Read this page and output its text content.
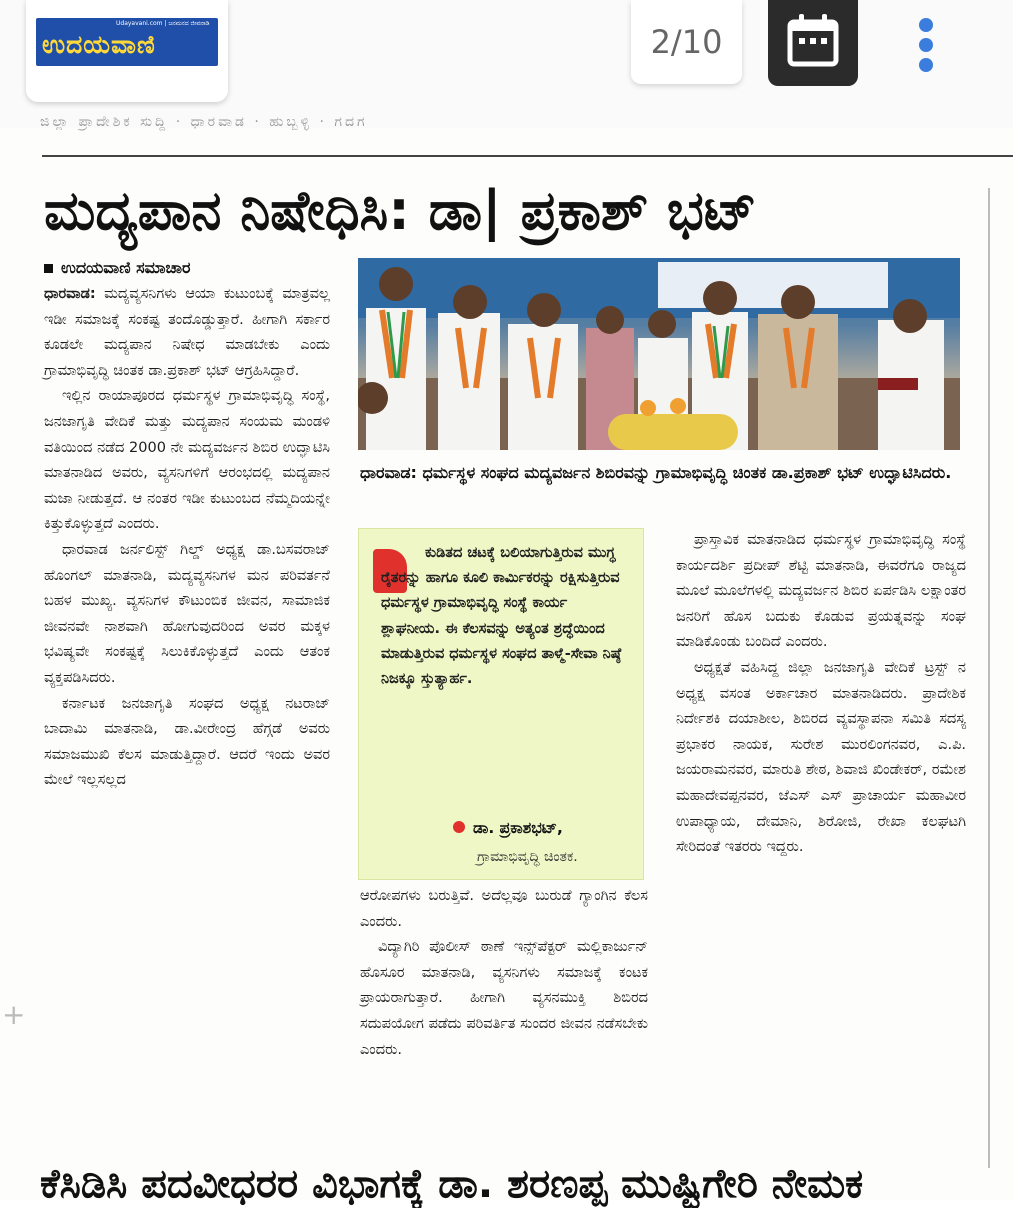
Udayavani.com | ಜನಮನದ ಜೀವನಾಡಿ
ಉದಯವಾಣಿ	2/10
ಜಿಲ್ಲಾ ಪ್ರಾದೇಶಿಕ ಸುದ್ದಿ · ಧಾರವಾಡ · ಹುಬ್ಬಳ್ಳಿ · ಗದಗ
ಮದ್ಯಪಾನ ನಿಷೇಧಿಸಿ: ಡಾ| ಪ್ರಕಾಶ್‌ ಭಟ್‌
ಉದಯವಾಣಿ ಸಮಾಚಾರ

ಧಾರವಾಡ: ಮದ್ಯವ್ಯಸನಿಗಳು ಆಯಾ ಕುಟುಂಬಕ್ಕೆ ಮಾತ್ರವಲ್ಲ ಇಡೀ ಸಮಾಜಕ್ಕೆ ಸಂಕಷ್ಟ ತಂದೊಡ್ಡುತ್ತಾರೆ. ಹೀಗಾಗಿ ಸರ್ಕಾರ ಕೂಡಲೇ ಮದ್ಯಪಾನ ನಿಷೇಧ ಮಾಡಬೇಕು ಎಂದು ಗ್ರಾಮಾಭಿವೃದ್ಧಿ ಚಿಂತಕ ಡಾ.ಪ್ರಕಾಶ್‌ ಭಟ್‌ ಆಗ್ರಹಿಸಿದ್ದಾರೆ.

ಇಲ್ಲಿನ ರಾಯಾಪೂರದ ಧರ್ಮಸ್ಥಳ ಗ್ರಾಮಾಭಿವೃದ್ಧಿ ಸಂಸ್ಥೆ, ಜನಜಾಗೃತಿ ವೇದಿಕೆ ಮತ್ತು ಮದ್ಯಪಾನ ಸಂಯಮ ಮಂಡಳಿ ವತಿಯಿಂದ ನಡೆದ 2000 ನೇ ಮದ್ಯವರ್ಜನ ಶಿಬಿರ ಉದ್ಘಾಟಿಸಿ ಮಾತನಾಡಿದ ಅವರು, ವ್ಯಸನಿಗಳಿಗೆ ಆರಂಭದಲ್ಲಿ ಮದ್ಯಪಾನ ಮಜಾ ನೀಡುತ್ತದೆ. ಆ ನಂತರ ಇಡೀ ಕುಟುಂಬದ ನೆಮ್ಮದಿಯನ್ನೇ ಕಿತ್ತುಕೊಳ್ಳುತ್ತದೆ ಎಂದರು.

ಧಾರವಾಡ ಜರ್ನಲಿಸ್ಟ್‌ ಗಿಲ್ಡ್‌ ಅಧ್ಯಕ್ಷ ಡಾ.ಬಸವರಾಜ್‌ ಹೊಂಗಲ್‌ ಮಾತನಾಡಿ, ಮದ್ಯವ್ಯಸನಿಗಳ ಮನ ಪರಿವರ್ತನೆ ಬಹಳ ಮುಖ್ಯ. ವ್ಯಸನಿಗಳ ಕೌಟುಂಬಿಕ ಜೀವನ, ಸಾಮಾಜಿಕ ಜೀವನವೇ ನಾಶವಾಗಿ ಹೋಗುವುದರಿಂದ ಅವರ ಮಕ್ಕಳ ಭವಿಷ್ಯವೇ ಸಂಕಷ್ಟಕ್ಕೆ ಸಿಲುಕಿಕೊಳ್ಳುತ್ತದೆ ಎಂದು ಆತಂಕ ವ್ಯಕ್ತಪಡಿಸಿದರು.

ಕರ್ನಾಟಕ ಜನಜಾಗೃತಿ ಸಂಘದ ಅಧ್ಯಕ್ಷ ನಟರಾಜ್‌ ಬಾದಾಮಿ ಮಾತನಾಡಿ, ಡಾ.ವೀರೇಂದ್ರ ಹೆಗ್ಗಡೆ ಅವರು ಸಮಾಜಮುಖಿ ಕೆಲಸ ಮಾಡುತ್ತಿದ್ದಾರೆ. ಆದರೆ ಇಂದು ಅವರ ಮೇಲೆ ಇಲ್ಲಸಲ್ಲದ

ಧಾರವಾಡ: ಧರ್ಮಸ್ಥಳ ಸಂಘದ ಮದ್ಯವರ್ಜನ ಶಿಬಿರವನ್ನು ಗ್ರಾಮಾಭಿವೃದ್ಧಿ ಚಿಂತಕ ಡಾ.ಪ್ರಕಾಶ್‌ ಭಟ್‌ ಉದ್ಘಾಟಿಸಿದರು.
ಕುಡಿತದ ಚಟಕ್ಕೆ ಬಲಿಯಾಗುತ್ತಿರುವ ಮುಗ್ಧ ರೈತರನ್ನು ಹಾಗೂ ಕೂಲಿ ಕಾರ್ಮಿಕರನ್ನು ರಕ್ಷಿಸುತ್ತಿರುವ ಧರ್ಮಸ್ಥಳ ಗ್ರಾಮಾಭಿವೃದ್ಧಿ ಸಂಸ್ಥೆ ಕಾರ್ಯ ಶ್ಲಾಘನೀಯ. ಈ ಕೆಲಸವನ್ನು ಅತ್ಯಂತ ಶ್ರದ್ಧೆಯಿಂದ ಮಾಡುತ್ತಿರುವ ಧರ್ಮಸ್ಥಳ ಸಂಘದ ತಾಳ್ಮೆ-ಸೇವಾ ನಿಷ್ಠೆ ನಿಜಕ್ಕೂ ಸ್ತುತ್ಯಾರ್ಹ.
ಡಾ. ಪ್ರಕಾಶಭಟ್‌,
ಗ್ರಾಮಾಭಿವೃದ್ಧಿ ಚಿಂತಕ.

ಆರೋಪಗಳು ಬರುತ್ತಿವೆ. ಅದೆಲ್ಲವೂ ಬುರುಡೆ ಗ್ಯಾಂಗಿನ ಕೆಲಸ ಎಂದರು.

ವಿದ್ಯಾಗಿರಿ ಪೊಲೀಸ್‌ ಠಾಣೆ ಇನ್ಸ್‌ಪೆಕ್ಟರ್‌ ಮಲ್ಲಿಕಾರ್ಜುನ್‌ ಹೊಸೂರ ಮಾತನಾಡಿ, ವ್ಯಸನಿಗಳು ಸಮಾಜಕ್ಕೆ ಕಂಟಕ ಪ್ರಾಯರಾಗುತ್ತಾರೆ. ಹೀಗಾಗಿ ವ್ಯಸನಮುಕ್ತಿ ಶಿಬಿರದ ಸದುಪಯೋಗ ಪಡೆದು ಪರಿವರ್ತಿತ ಸುಂದರ ಜೀವನ ನಡೆಸಬೇಕು ಎಂದರು.

ಪ್ರಾಸ್ತಾವಿಕ ಮಾತನಾಡಿದ ಧರ್ಮಸ್ಥಳ ಗ್ರಾಮಾಭಿವೃದ್ಧಿ ಸಂಸ್ಥೆ ಕಾರ್ಯದರ್ಶಿ ಪ್ರದೀಪ್‌ ಶೆಟ್ಟಿ ಮಾತನಾಡಿ, ಈವರೆಗೂ ರಾಜ್ಯದ ಮೂಲೆ ಮೂಲೆಗಳಲ್ಲಿ ಮದ್ಯವರ್ಜನ ಶಿಬಿರ ಏರ್ಪಡಿಸಿ ಲಕ್ಷಾಂತರ ಜನರಿಗೆ ಹೊಸ ಬದುಕು ಕೊಡುವ ಪ್ರಯತ್ನವನ್ನು ಸಂಘ ಮಾಡಿಕೊಂಡು ಬಂದಿದೆ ಎಂದರು.

ಅಧ್ಯಕ್ಷತೆ ವಹಿಸಿದ್ದ ಜಿಲ್ಲಾ ಜನಜಾಗೃತಿ ವೇದಿಕೆ ಟ್ರಸ್ಟ್‌ ನ ಅಧ್ಯಕ್ಷ ವಸಂತ ಅರ್ಕಾಚಾರ ಮಾತನಾಡಿದರು. ಪ್ರಾದೇಶಿಕ ನಿರ್ದೇಶಕಿ ದಯಾಶೀಲ, ಶಿಬಿರದ ವ್ಯವಸ್ಥಾಪನಾ ಸಮಿತಿ ಸದಸ್ಯ ಪ್ರಭಾಕರ ನಾಯಕ, ಸುರೇಶ ಮುರಲಿಂಗನವರ, ಎ.ಪಿ. ಜಯರಾಮನವರ, ಮಾರುತಿ ಶೇಠ, ಶಿವಾಜಿ ಖಿಂಡೇಕರ್‌, ರಮೇಶ ಮಹಾದೇವಪ್ಪನವರ, ಜೆಎಸ್‌ ಎಸ್‌ ಪ್ರಾಚಾರ್ಯ ಮಹಾವೀರ ಉಪಾಧ್ಯಾಯ, ದೇಮಾನಿ, ಶಿರೋಜಿ, ರೇಖಾ ಕಲಘಟಗಿ ಸೇರಿದಂತೆ ಇತರರು ಇದ್ದರು.

ಕೆಸಿಡಿಸಿ ಪದವೀಧರರ ವಿಭಾಗಕ್ಕೆ ಡಾ. ಶರಣಪ್ಪ ಮುಷ್ಟಿಗೇರಿ ನೇಮಕ
+
